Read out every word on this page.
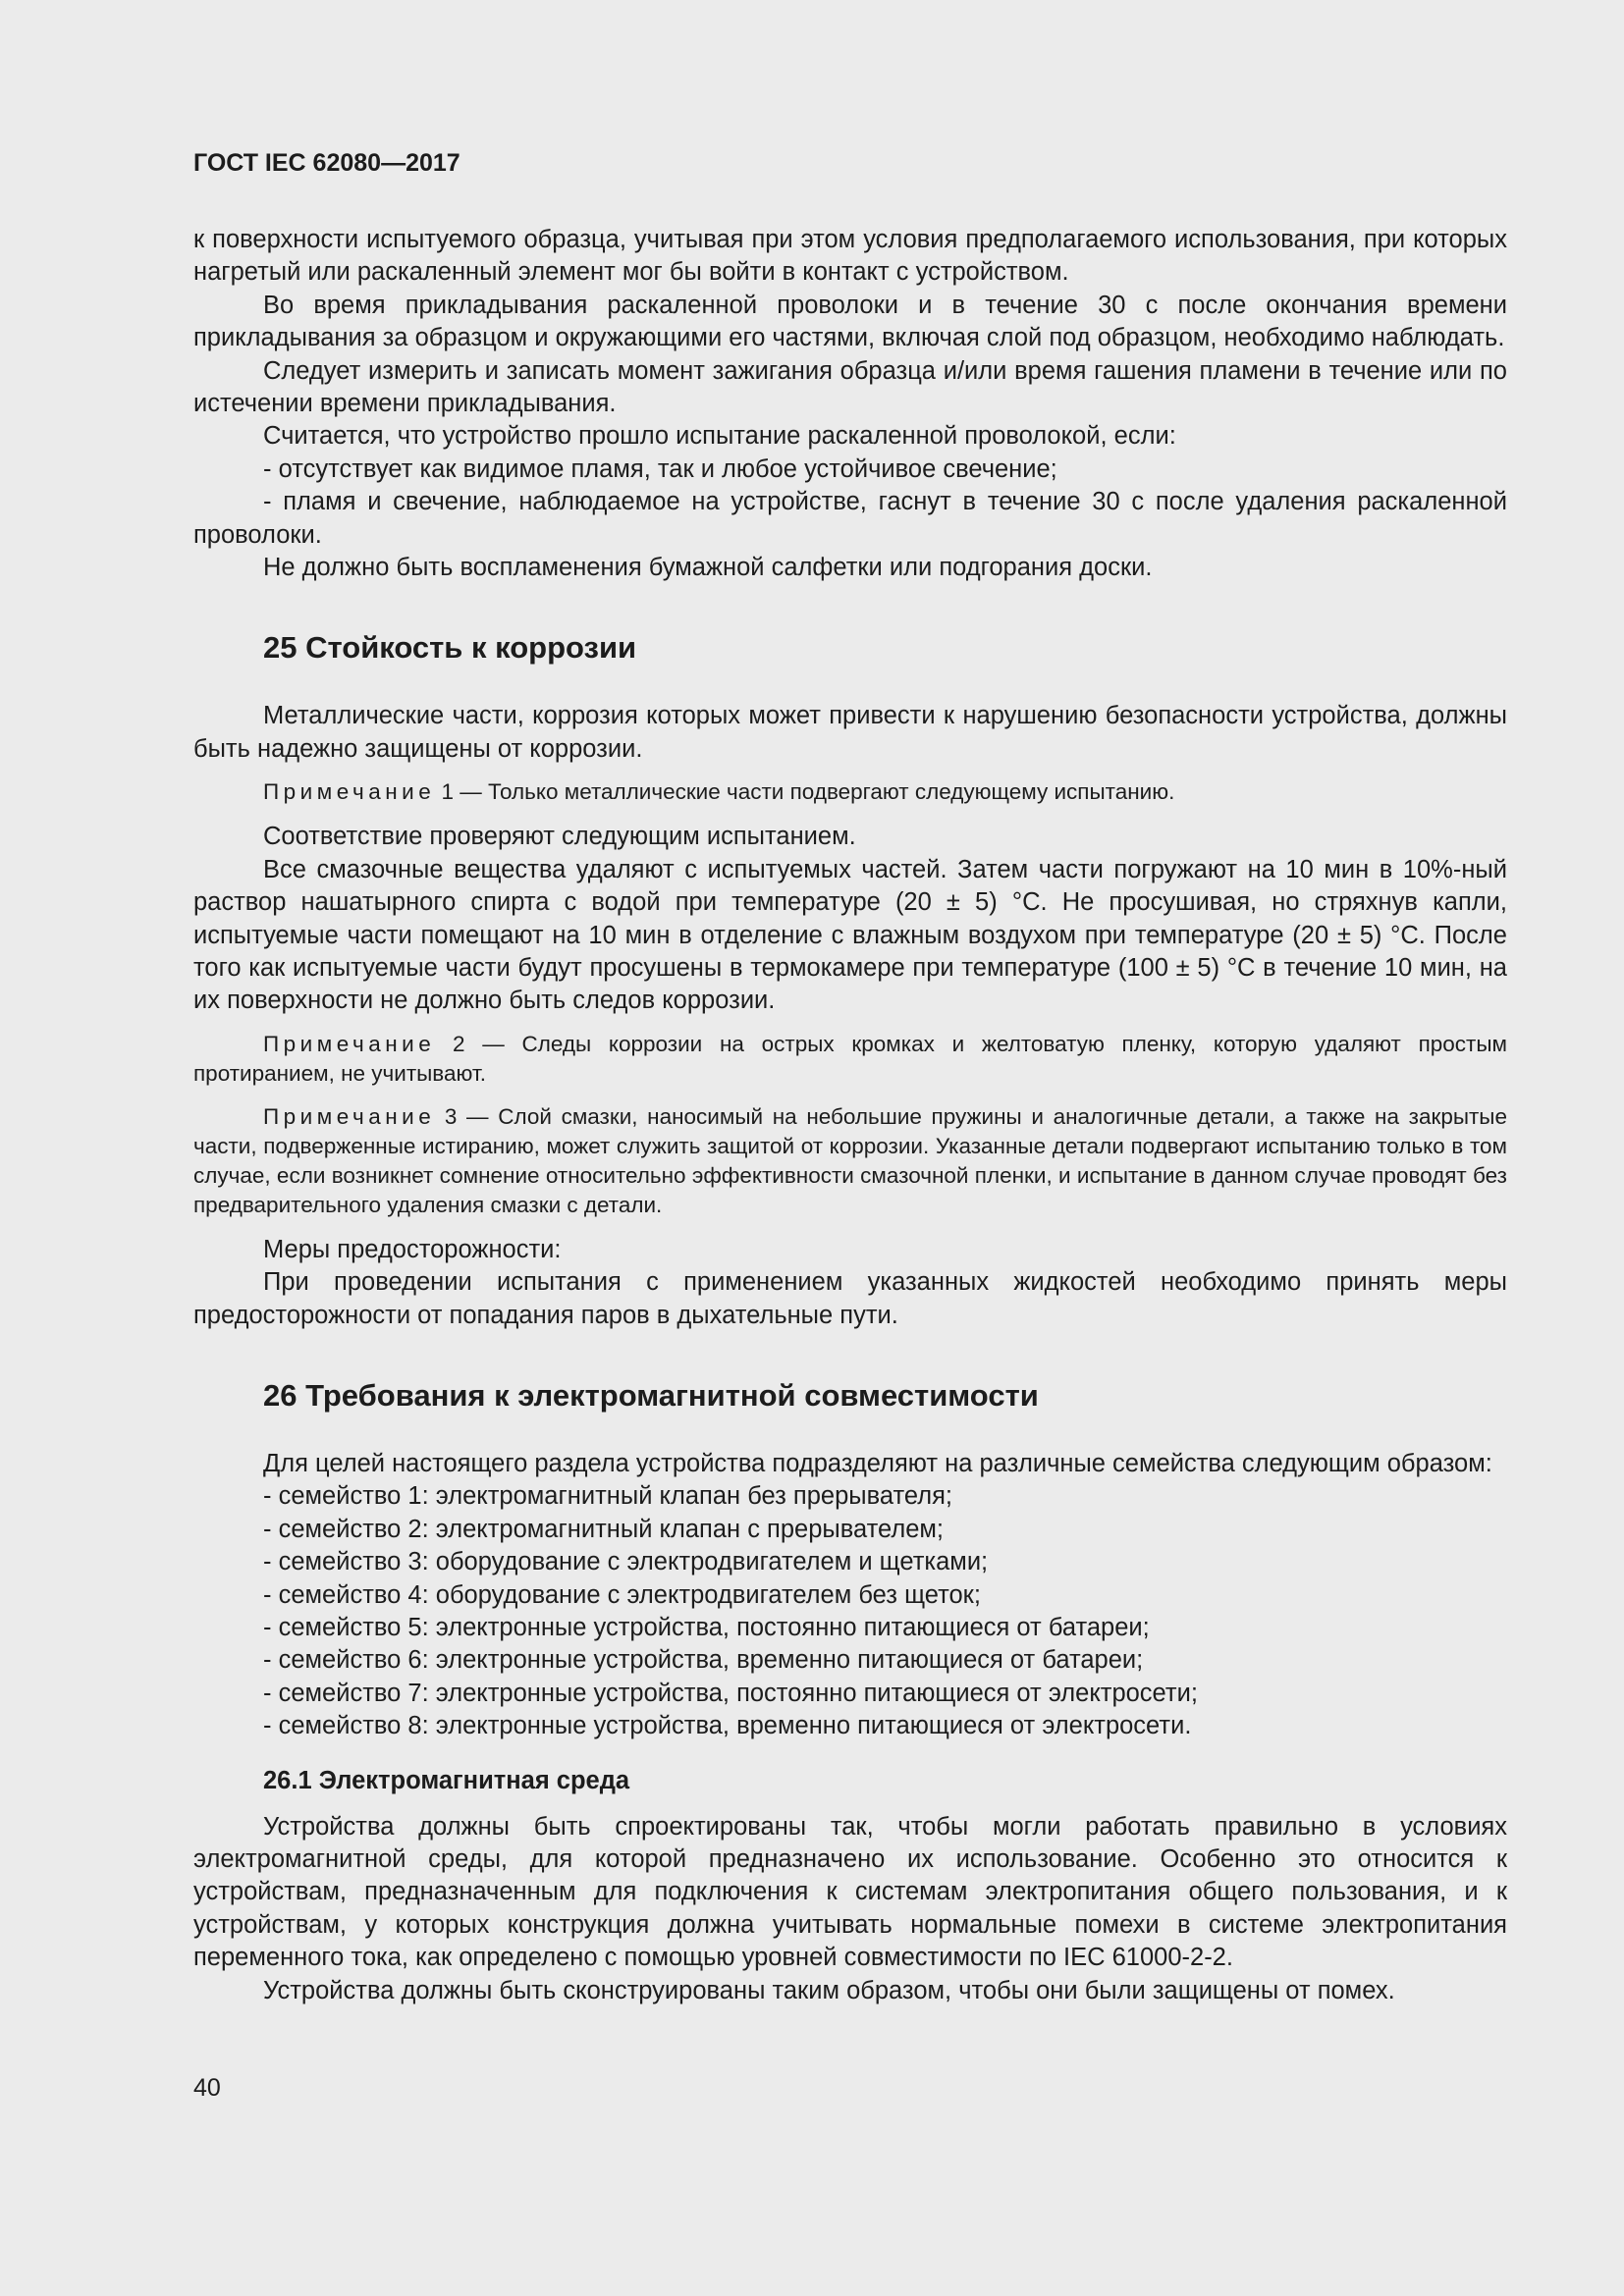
ГОСТ IEC 62080—2017

к поверхности испытуемого образца, учитывая при этом условия предполагаемого использования, при которых нагретый или раскаленный элемент мог бы войти в контакт с устройством.

Во время прикладывания раскаленной проволоки и в течение 30 с после окончания времени прикладывания за образцом и окружающими его частями, включая слой под образцом, необходимо наблюдать.

Следует измерить и записать момент зажигания образца и/или время гашения пламени в течение или по истечении времени прикладывания.

Считается, что устройство прошло испытание раскаленной проволокой, если:

- отсутствует как видимое пламя, так и любое устойчивое свечение;

- пламя и свечение, наблюдаемое на устройстве, гаснут в течение 30 с после удаления раскаленной проволоки.

Не должно быть воспламенения бумажной салфетки или подгорания доски.

25 Стойкость к коррозии

Металлические части, коррозия которых может привести к нарушению безопасности устройства, должны быть надежно защищены от коррозии.

Примечание 1 — Только металлические части подвергают следующему испытанию.

Соответствие проверяют следующим испытанием.

Все смазочные вещества удаляют с испытуемых частей. Затем части погружают на 10 мин в 10%-ный раствор нашатырного спирта с водой при температуре (20 ± 5) °С. Не просушивая, но стряхнув капли, испытуемые части помещают на 10 мин в отделение с влажным воздухом при температуре (20 ± 5) °С. После того как испытуемые части будут просушены в термокамере при температуре (100 ± 5) °С в течение 10 мин, на их поверхности не должно быть следов коррозии.

Примечание 2 — Следы коррозии на острых кромках и желтоватую пленку, которую удаляют простым протиранием, не учитывают.
Примечание 3 — Слой смазки, наносимый на небольшие пружины и аналогичные детали, а также на закрытые части, подверженные истиранию, может служить защитой от коррозии. Указанные детали подвергают испытанию только в том случае, если возникнет сомнение относительно эффективности смазочной пленки, и испытание в данном случае проводят без предварительного удаления смазки с детали.

Меры предосторожности:

При проведении испытания с применением указанных жидкостей необходимо принять меры предосторожности от попадания паров в дыхательные пути.

26 Требования к электромагнитной совместимости

Для целей настоящего раздела устройства подразделяют на различные семейства следующим образом:

- семейство 1: электромагнитный клапан без прерывателя;
- семейство 2: электромагнитный клапан с прерывателем;
- семейство 3: оборудование с электродвигателем и щетками;
- семейство 4: оборудование с электродвигателем без щеток;
- семейство 5: электронные устройства, постоянно питающиеся от батареи;
- семейство 6: электронные устройства, временно питающиеся от батареи;
- семейство 7: электронные устройства, постоянно питающиеся от электросети;
- семейство 8: электронные устройства, временно питающиеся от электросети.
26.1 Электромагнитная среда

Устройства должны быть спроектированы так, чтобы могли работать правильно в условиях электромагнитной среды, для которой предназначено их использование. Особенно это относится к устройствам, предназначенным для подключения к системам электропитания общего пользования, и к устройствам, у которых конструкция должна учитывать нормальные помехи в системе электропитания переменного тока, как определено с помощью уровней совместимости по IEC 61000-2-2.

Устройства должны быть сконструированы таким образом, чтобы они были защищены от помех.

40
